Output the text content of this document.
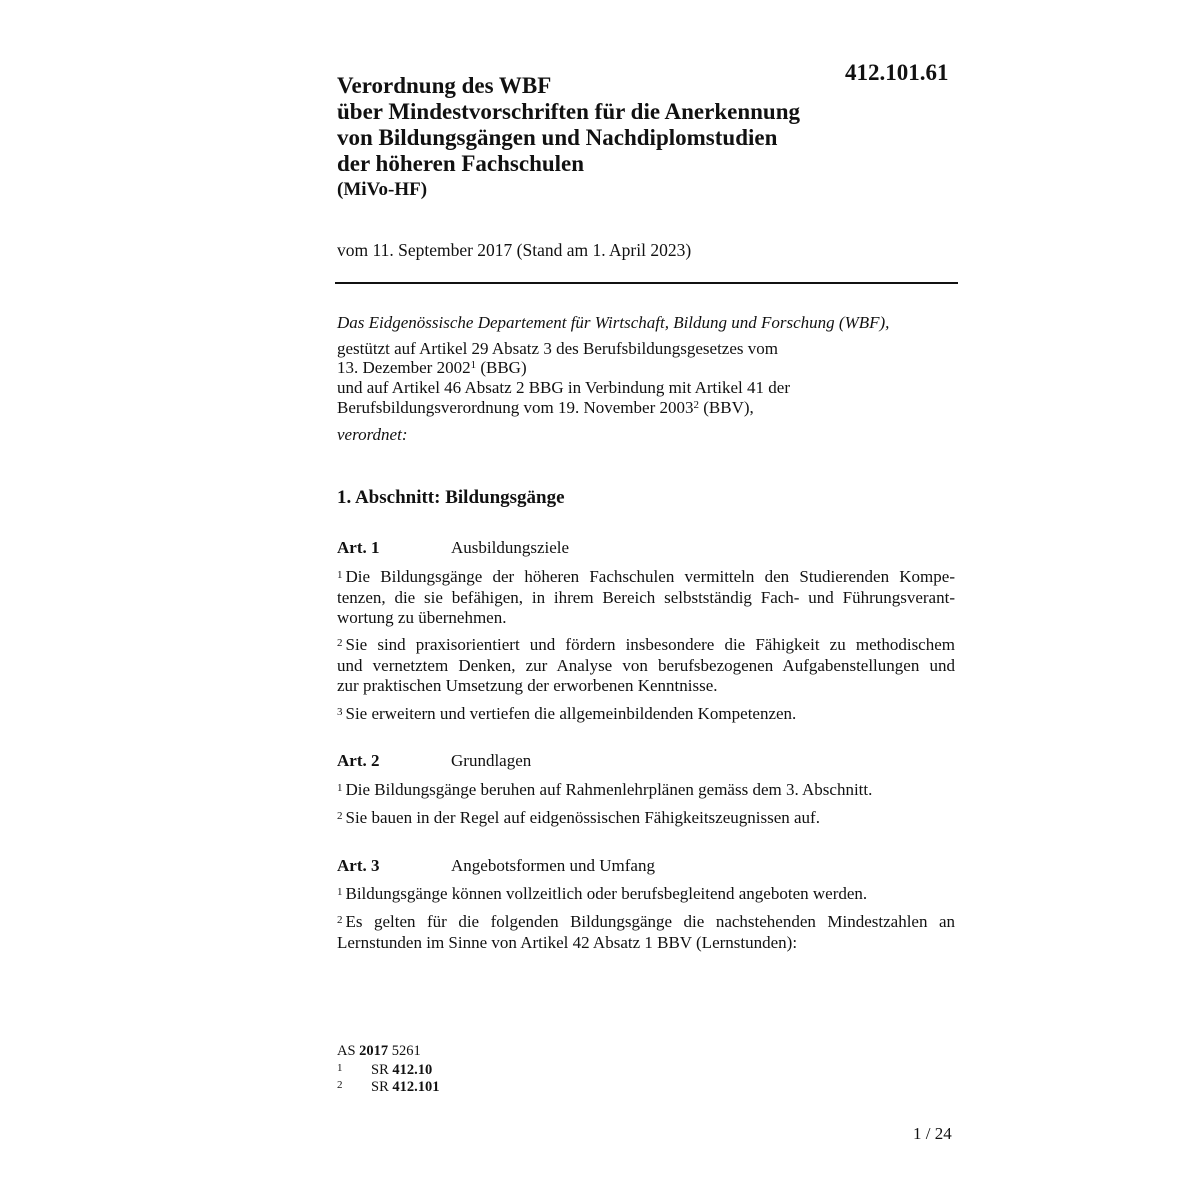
412.101.61
Verordnung des WBF
über Mindestvorschriften für die Anerkennung
von Bildungsgängen und Nachdiplomstudien
der höheren Fachschulen
(MiVo-HF)
vom 11. September 2017 (Stand am 1. April 2023)
Das Eidgenössische Departement für Wirtschaft, Bildung und Forschung (WBF),
gestützt auf Artikel 29 Absatz 3 des Berufsbildungsgesetzes vom
13. Dezember 2002$^1$ (BBG)
und auf Artikel 46 Absatz 2 BBG in Verbindung mit Artikel 41 der
Berufsbildungsverordnung vom 19. November 2003$^2$ (BBV),
verordnet:
1. Abschnitt: Bildungsgänge
Art. 1	Ausbildungsziele
$^1$ Die Bildungsgänge der höheren Fachschulen vermitteln den Studierenden Kompe-
tenzen, die sie befähigen, in ihrem Bereich selbstständig Fach- und Führungsverant-
wortung zu übernehmen.
$^2$ Sie sind praxisorientiert und fördern insbesondere die Fähigkeit zu methodischem
und vernetztem Denken, zur Analyse von berufsbezogenen Aufgabenstellungen und
zur praktischen Umsetzung der erworbenen Kenntnisse.
$^3$ Sie erweitern und vertiefen die allgemeinbildenden Kompetenzen.
Art. 2	Grundlagen
$^1$ Die Bildungsgänge beruhen auf Rahmenlehrplänen gemäss dem 3. Abschnitt.
$^2$ Sie bauen in der Regel auf eidgenössischen Fähigkeitszeugnissen auf.
Art. 3	Angebotsformen und Umfang
$^1$ Bildungsgänge können vollzeitlich oder berufsbegleitend angeboten werden.
$^2$ Es gelten für die folgenden Bildungsgänge die nachstehenden Mindestzahlen an
Lernstunden im Sinne von Artikel 42 Absatz 1 BBV (Lernstunden):
AS 2017 5261
1 SR 412.10
2 SR 412.101
1 / 24
